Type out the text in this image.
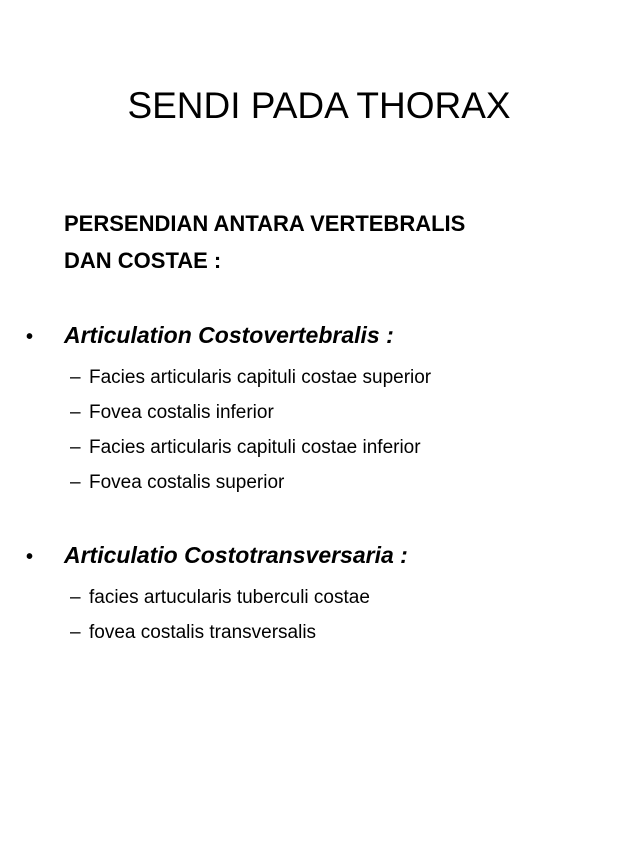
SENDI PADA THORAX
PERSENDIAN ANTARA VERTEBRALIS
DAN COSTAE :
•	Articulation Costovertebralis :
– Facies articularis capituli costae superior
– Fovea costalis inferior
– Facies articularis capituli costae inferior
– Fovea costalis superior
•	Articulatio Costotransversaria :
– facies artucularis tuberculi costae
– fovea costalis transversalis
